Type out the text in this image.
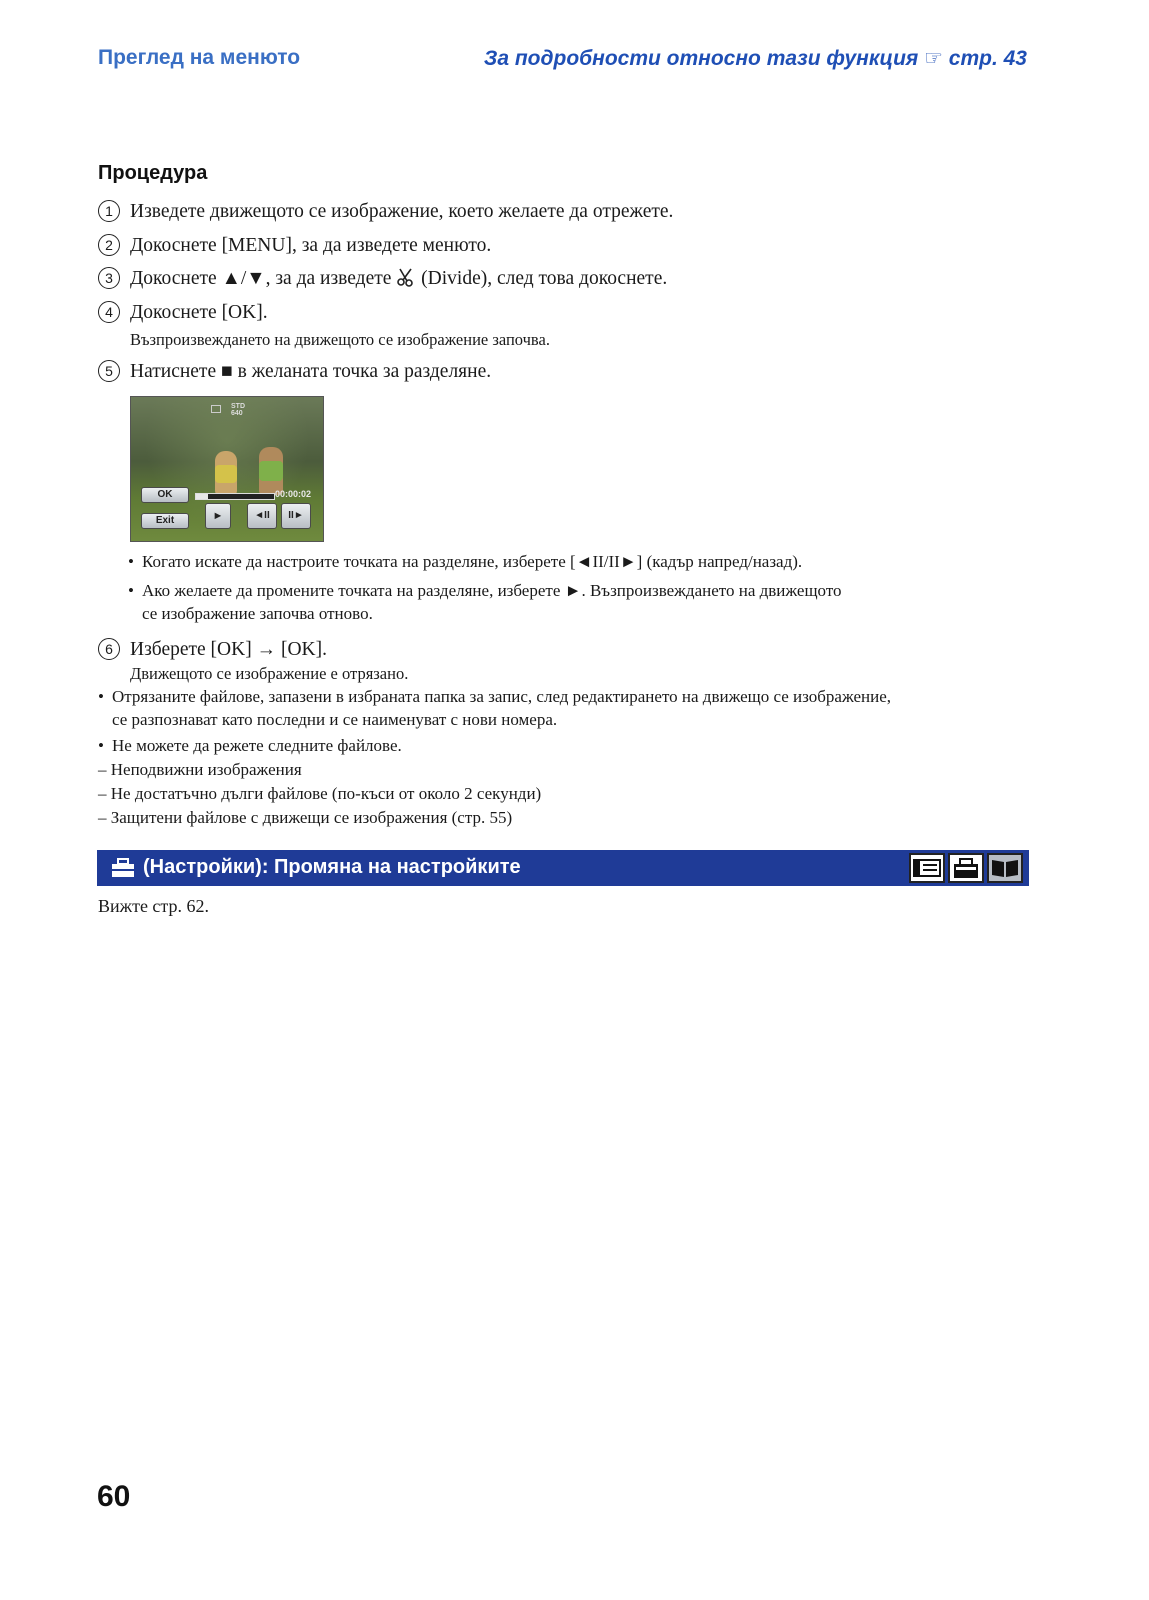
Преглед на менюто	За подробности относно тази функция ☞ стр. 43
Процедура
1 Изведете движещото се изображение, което желаете да отрежете.
2 Докоснете [MENU], за да изведете менюто.
3 Докоснете ▲/▼, за да изведете (Divide), след това докоснете.
4 Докоснете [OK].
Възпроизвеждането на движещото се изображение започва.
5 Натиснете ■ в желаната точка за разделяне.
STD
640
OK	00:00:02
Exit	►	◄II	II►
• Когато искате да настроите точката на разделяне, изберете [◄II/II►] (кадър напред/назад).
• Ако желаете да промените точката на разделяне, изберете ►. Възпроизвеждането на движещото
се изображение започва отново.
6 Изберете [OK] → [OK].
Движещото се изображение е отрязано.
• Отрязаните файлове, запазени в избраната папка за запис, след редактирането на движещо се изображение,
се разпознават като последни и се наименуват с нови номера.
• Не можете да режете следните файлове.
– Неподвижни изображения
– Не достатъчно дълги файлове (по-къси от около 2 секунди)
– Защитени файлове с движещи се изображения (стр. 55)
(Настройки): Промяна на настройките
Вижте стр. 62.
60
